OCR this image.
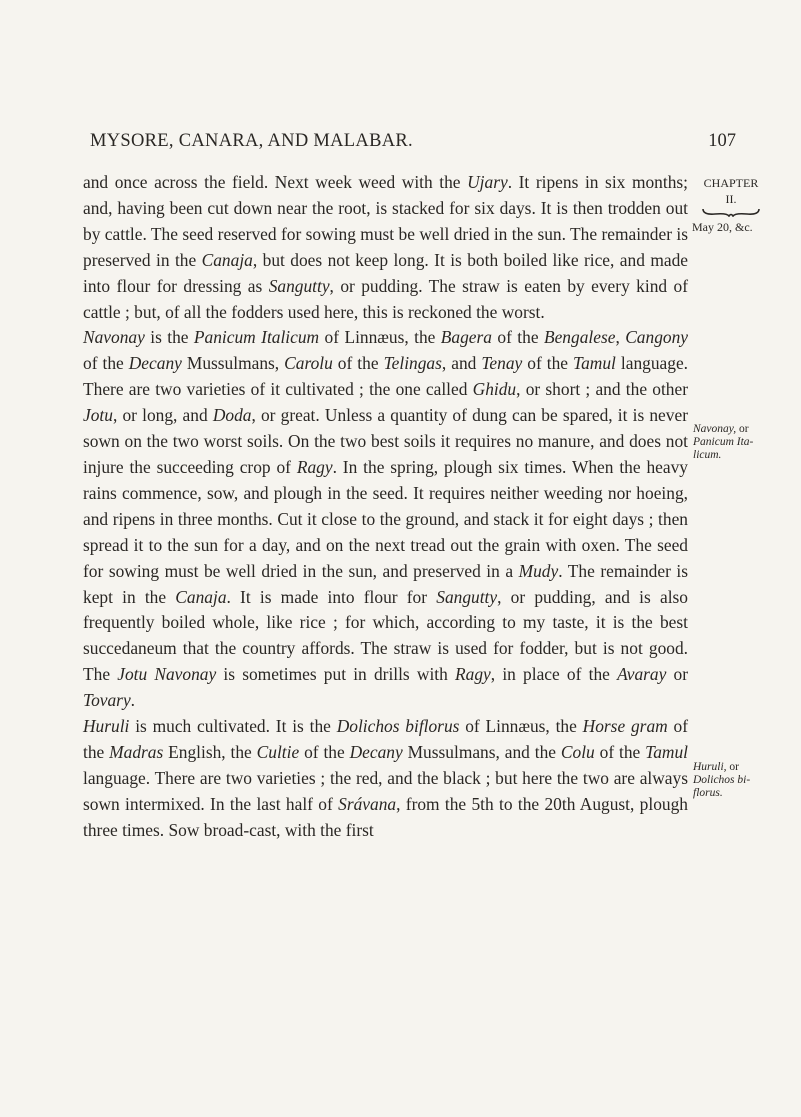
MYSORE, CANARA, AND MALABAR.	107
CHAPTER
II.
May 20, &c.
Navonay, or
Panicum Ita-
licum.
Huruli, or
Dolichos bi-
florus.

and once across the field. Next week weed with the Ujary. It ripens in six months; and, having been cut down near the root, is stacked for six days. It is then trodden out by cattle. The seed reserved for sowing must be well dried in the sun. The remainder is preserved in the Canaja, but does not keep long. It is both boiled like rice, and made into flour for dressing as Sangutty, or pudding. The straw is eaten by every kind of cattle ; but, of all the fodders used here, this is reckoned the worst.

Navonay is the Panicum Italicum of Linnæus, the Bagera of the Bengalese, Cangony of the Decany Mussulmans, Carolu of the Telingas, and Tenay of the Tamul language. There are two varieties of it cultivated ; the one called Ghidu, or short ; and the other Jotu, or long, and Doda, or great. Unless a quantity of dung can be spared, it is never sown on the two worst soils. On the two best soils it requires no manure, and does not injure the succeeding crop of Ragy. In the spring, plough six times. When the heavy rains commence, sow, and plough in the seed. It requires neither weeding nor hoeing, and ripens in three months. Cut it close to the ground, and stack it for eight days ; then spread it to the sun for a day, and on the next tread out the grain with oxen. The seed for sowing must be well dried in the sun, and preserved in a Mudy. The remainder is kept in the Canaja. It is made into flour for Sangutty, or pudding, and is also frequently boiled whole, like rice ; for which, according to my taste, it is the best succedaneum that the country affords. The straw is used for fodder, but is not good. The Jotu Navonay is sometimes put in drills with Ragy, in place of the Avaray or Tovary.

Huruli is much cultivated. It is the Dolichos biflorus of Linnæus, the Horse gram of the Madras English, the Cultie of the Decany Mussulmans, and the Colu of the Tamul language. There are two varieties ; the red, and the black ; but here the two are always sown intermixed. In the last half of Srávana, from the 5th to the 20th August, plough three times. Sow broad-cast, with the first
